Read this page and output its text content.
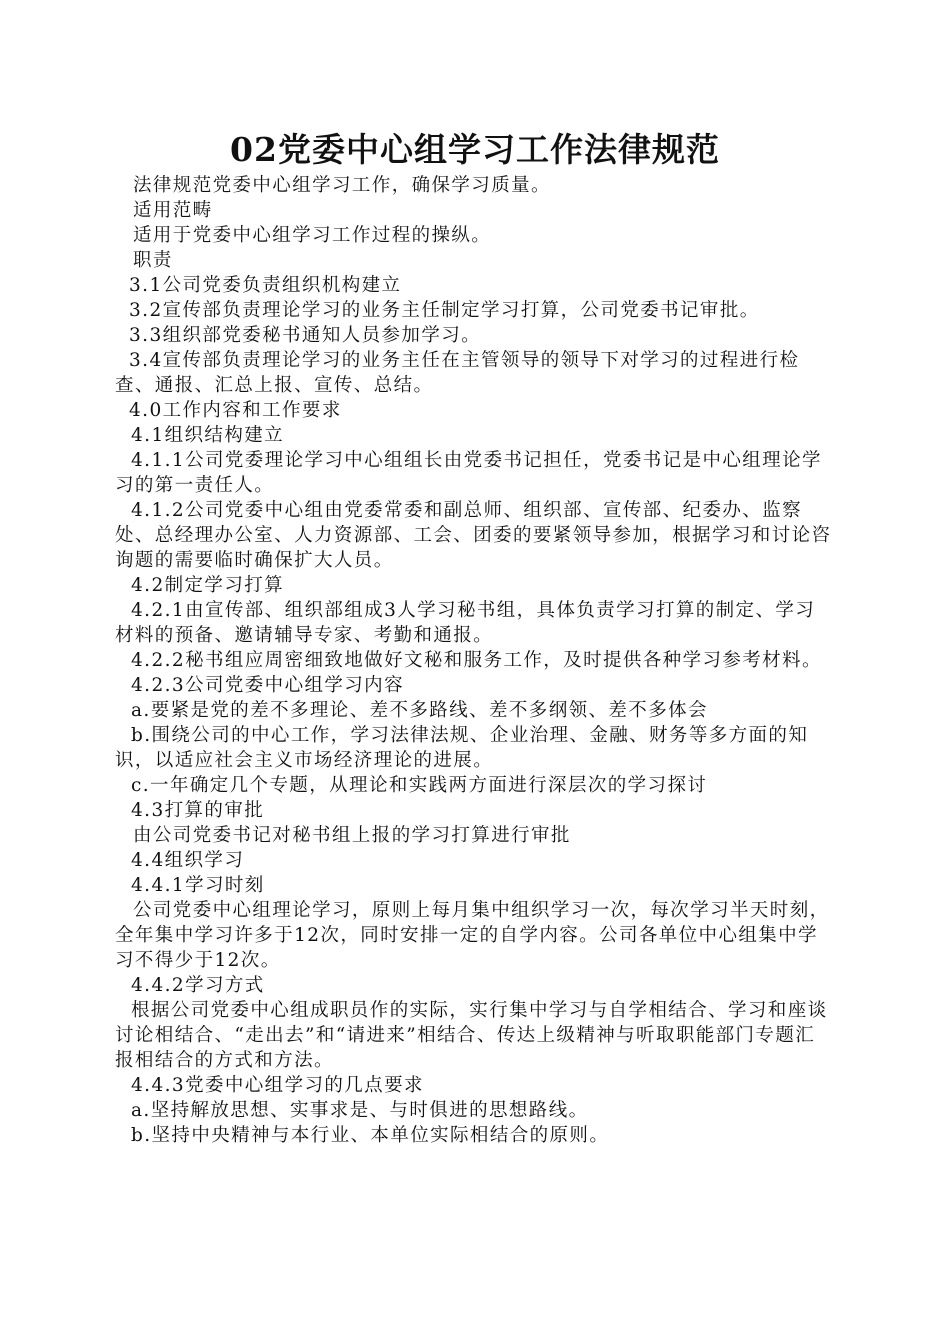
02党委中心组学习工作法律规范

法律规范党委中心组学习工作，确保学习质量。

适用范畴

适用于党委中心组学习工作过程的操纵。

职责

3.1公司党委负责组织机构建立

3.2宣传部负责理论学习的业务主任制定学习打算，公司党委书记审批。

3.3组织部党委秘书通知人员参加学习。

3.4宣传部负责理论学习的业务主任在主管领导的领导下对学习的过程进行检查、通报、汇总上报、宣传、总结。

4.0工作内容和工作要求

4.1组织结构建立

4.1.1公司党委理论学习中心组组长由党委书记担任，党委书记是中心组理论学习的第一责任人。

4.1.2公司党委中心组由党委常委和副总师、组织部、宣传部、纪委办、监察处、总经理办公室、人力资源部、工会、团委的要紧领导参加，根据学习和讨论咨询题的需要临时确保扩大人员。

4.2制定学习打算

4.2.1由宣传部、组织部组成3人学习秘书组，具体负责学习打算的制定、学习材料的预备、邀请辅导专家、考勤和通报。

4.2.2秘书组应周密细致地做好文秘和服务工作，及时提供各种学习参考材料。

4.2.3公司党委中心组学习内容

a.要紧是党的差不多理论、差不多路线、差不多纲领、差不多体会

b.围绕公司的中心工作，学习法律法规、企业治理、金融、财务等多方面的知识，以适应社会主义市场经济理论的进展。

c.一年确定几个专题，从理论和实践两方面进行深层次的学习探讨

4.3打算的审批

由公司党委书记对秘书组上报的学习打算进行审批

4.4组织学习

4.4.1学习时刻

公司党委中心组理论学习，原则上每月集中组织学习一次，每次学习半天时刻，全年集中学习许多于12次，同时安排一定的自学内容。公司各单位中心组集中学习不得少于12次。

4.4.2学习方式

根据公司党委中心组成职员作的实际，实行集中学习与自学相结合、学习和座谈讨论相结合、“走出去”和“请进来”相结合、传达上级精神与听取职能部门专题汇报相结合的方式和方法。

4.4.3党委中心组学习的几点要求

a.坚持解放思想、实事求是、与时俱进的思想路线。

b.坚持中央精神与本行业、本单位实际相结合的原则。
